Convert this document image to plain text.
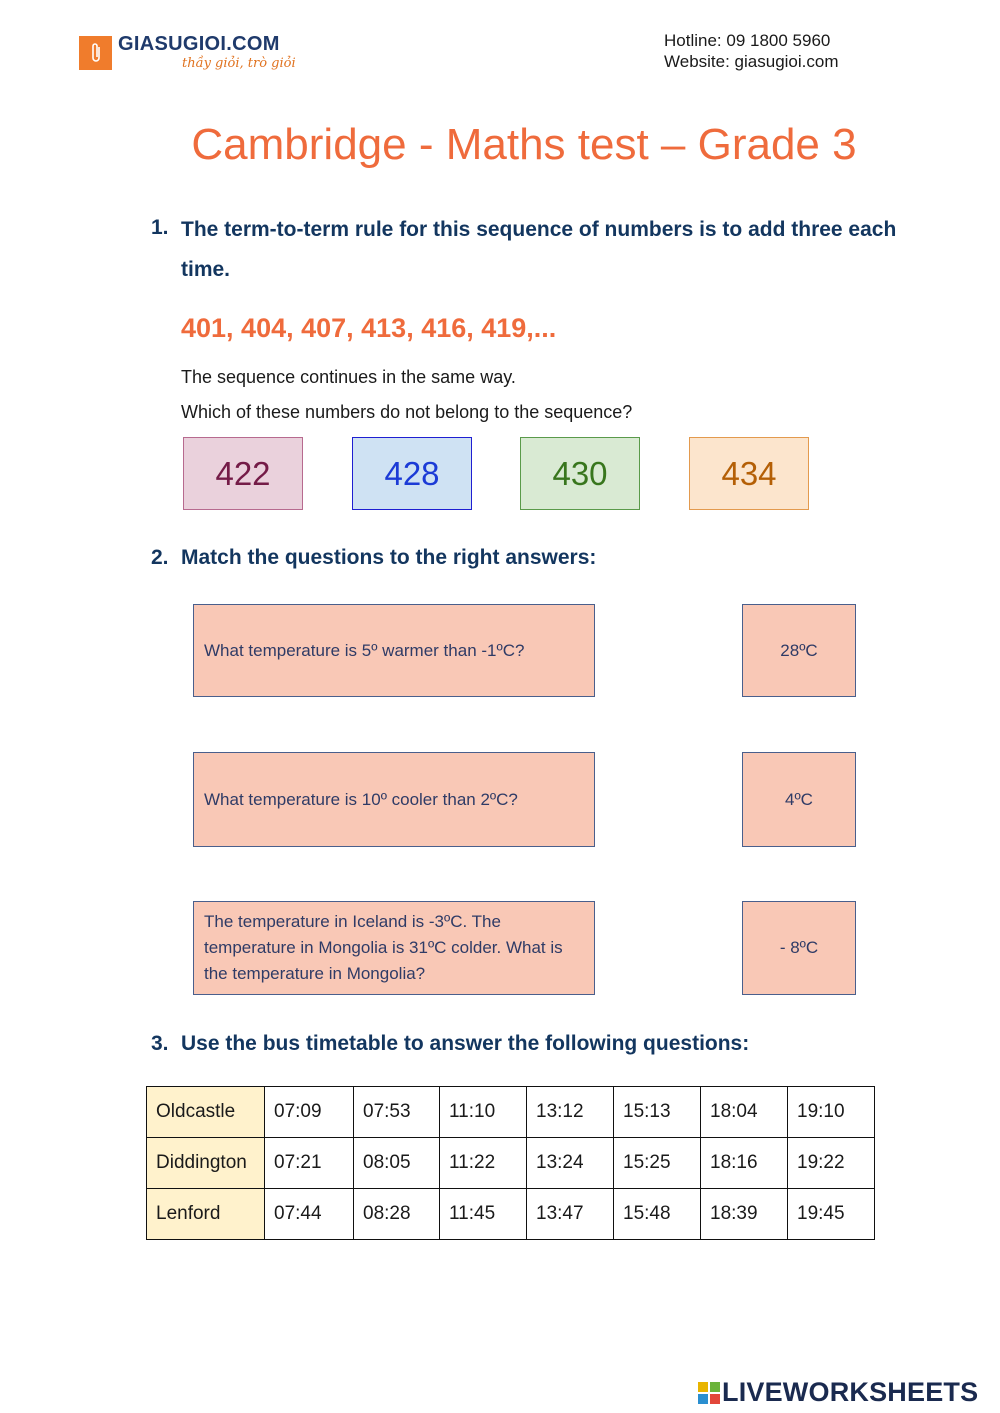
GIASUGIOI.COM
thầy giỏi, trò giỏi
Hotline: 09 1800 5960
Website: giasugioi.com
Cambridge - Maths test – Grade 3
1. The term-to-term rule for this sequence of numbers is to add three each time.
401, 404, 407, 413, 416, 419,...
The sequence continues in the same way.
Which of these numbers do not belong to the sequence?
422	428	430	434
2. Match the questions to the right answers:
What temperature is 5º warmer than -1ºC?
What temperature is 10º cooler than 2ºC?
The temperature in Iceland is -3ºC. The temperature in Mongolia is 31ºC colder. What is the temperature in Mongolia?
28ºC
4ºC
- 8ºC
3. Use the bus timetable to answer the following questions:
Oldcastle	07:09	07:53	11:10	13:12	15:13	18:04	19:10
Diddington	07:21	08:05	11:22	13:24	15:25	18:16	19:22
Lenford	07:44	08:28	11:45	13:47	15:48	18:39	19:45
LIVEWORKSHEETS
